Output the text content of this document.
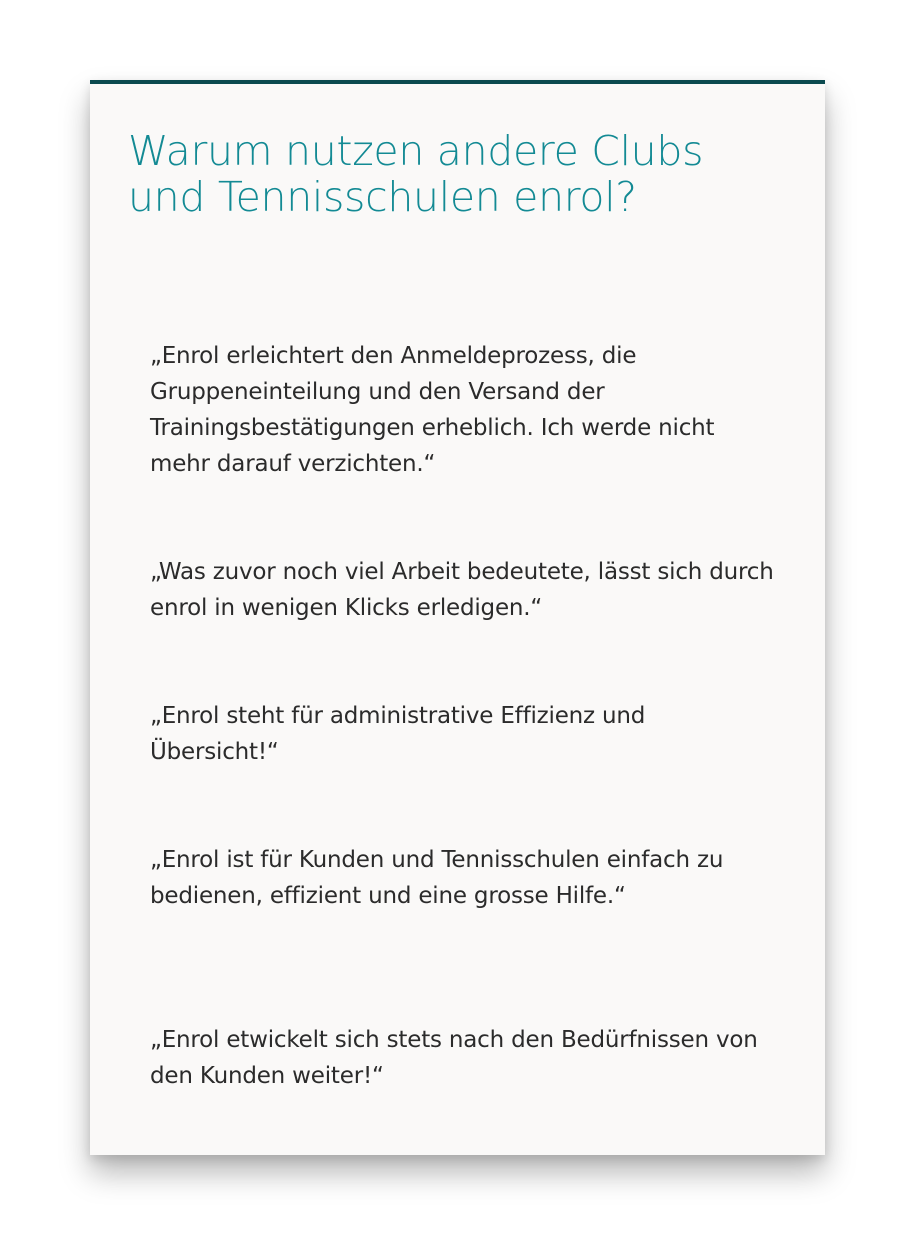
Warum nutzen andere Clubs und Tennisschulen enrol?

„Enrol erleichtert den Anmeldeprozess, die Gruppeneinteilung und den Versand der Trainingsbestätigungen erheblich. Ich werde nicht mehr darauf verzichten.“

„Was zuvor noch viel Arbeit bedeutete, lässt sich durch enrol in wenigen Klicks erledigen.“

„Enrol steht für administrative Effizienz und Übersicht!“

„Enrol ist für Kunden und Tennisschulen einfach zu bedienen, effizient und eine grosse Hilfe.“

„Enrol etwickelt sich stets nach den Bedürfnissen von den Kunden weiter!“
